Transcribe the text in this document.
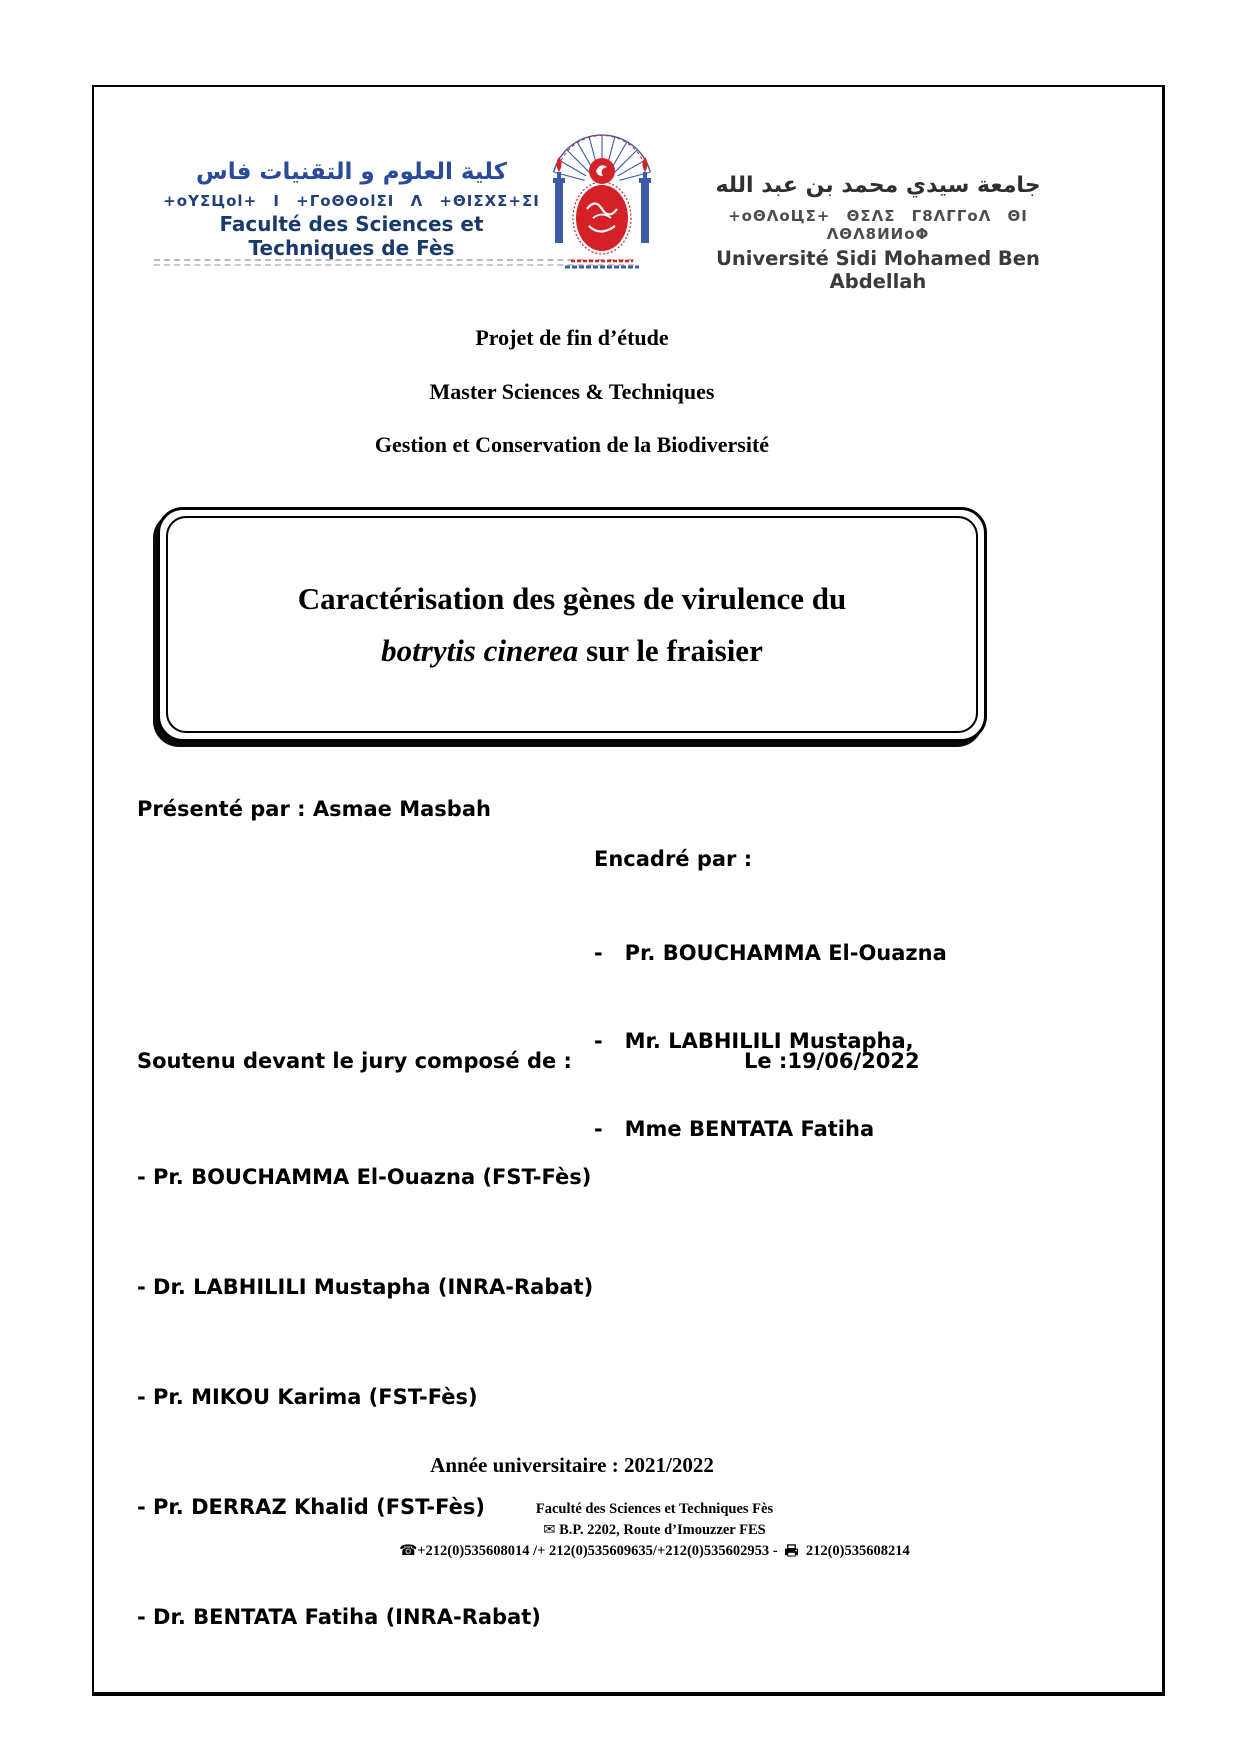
كلية العلوم و التقنيات فاس
+oYΣЦol+ I +ΓoΘΘolΣI Λ +ΘIΣXΣ+ΣI
Faculté des Sciences et Techniques de Fès
جامعة سيدي محمد بن عبد الله
+oΘΛoЦΣ+ ΘΣΛΣ Γ8ΛΓΓoΛ ΘI ΛΘΛ8ИИoΦ
Université Sidi Mohamed Ben Abdellah
Projet de fin d’étude
Master Sciences & Techniques
Gestion et Conservation de la Biodiversité
Caractérisation des gènes de virulence du
botrytis cinerea sur le fraisier
Présenté par : Asmae Masbah
Encadré par :

-   Pr. BOUCHAMMA El-Ouazna

-   Mr. LABHILILI Mustapha,

-   Mme BENTATA Fatiha

Soutenu devant le jury composé de :	Le :19/06/2022

- Pr. BOUCHAMMA El-Ouazna (FST-Fès)

- Dr. LABHILILI Mustapha (INRA-Rabat)

- Pr. MIKOU Karima (FST-Fès)

- Pr. DERRAZ Khalid (FST-Fès)

- Dr. BENTATA Fatiha (INRA-Rabat)

Année universitaire : 2021/2022
Faculté des Sciences et Techniques Fès
✉ B.P. 2202, Route d’Imouzzer FES
☎+212(0)535608014 /+ 212(0)535609635/+212(0)535602953 -  212(0)535608214
